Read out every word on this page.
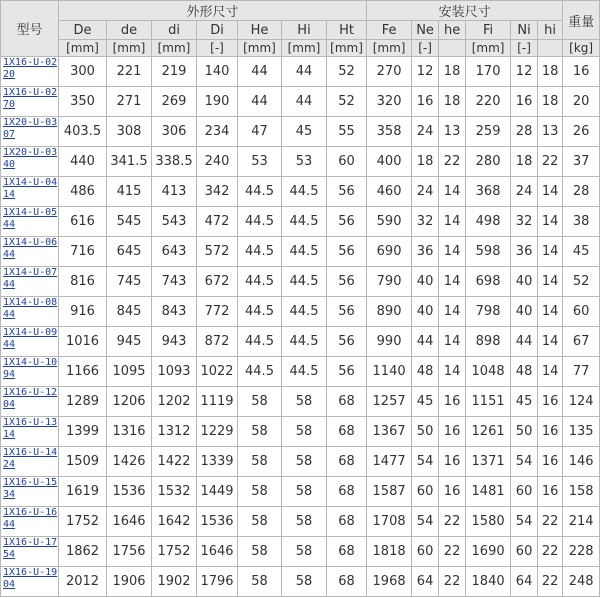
型号	外形尺寸							安装尺寸						重量
	De	de	di	Di	He	Hi	Ht	Fe	Ne	he	Fi	Ni	hi	
	[mm]	[mm]	[mm]	[-]	[mm]	[mm]	[mm]	[mm]	[-]		[mm]	[-]		[kg]
1X16-U-0220	300	221	219	140	44	44	52	270	12	18	170	12	18	16
1X16-U-0270	350	271	269	190	44	44	52	320	16	18	220	16	18	20
1X20-U-0307	403.5	308	306	234	47	45	55	358	24	13	259	28	13	26
1X20-U-0340	440	341.5	338.5	240	53	53	60	400	18	22	280	18	22	37
1X14-U-0414	486	415	413	342	44.5	44.5	56	460	24	14	368	24	14	28
1X14-U-0544	616	545	543	472	44.5	44.5	56	590	32	14	498	32	14	38
1X14-U-0644	716	645	643	572	44.5	44.5	56	690	36	14	598	36	14	45
1X14-U-0744	816	745	743	672	44.5	44.5	56	790	40	14	698	40	14	52
1X14-U-0844	916	845	843	772	44.5	44.5	56	890	40	14	798	40	14	60
1X14-U-0944	1016	945	943	872	44.5	44.5	56	990	44	14	898	44	14	67
1X14-U-1094	1166	1095	1093	1022	44.5	44.5	56	1140	48	14	1048	48	14	77
1X16-U-1204	1289	1206	1202	1119	58	58	68	1257	45	16	1151	45	16	124
1X16-U-1314	1399	1316	1312	1229	58	58	68	1367	50	16	1261	50	16	135
1X16-U-1424	1509	1426	1422	1339	58	58	68	1477	54	16	1371	54	16	146
1X16-U-1534	1619	1536	1532	1449	58	58	68	1587	60	16	1481	60	16	158
1X16-U-1644	1752	1646	1642	1536	58	58	68	1708	54	22	1580	54	22	214
1X16-U-1754	1862	1756	1752	1646	58	58	68	1818	60	22	1690	60	22	228
1X16-U-1904	2012	1906	1902	1796	58	58	68	1968	64	22	1840	64	22	248
